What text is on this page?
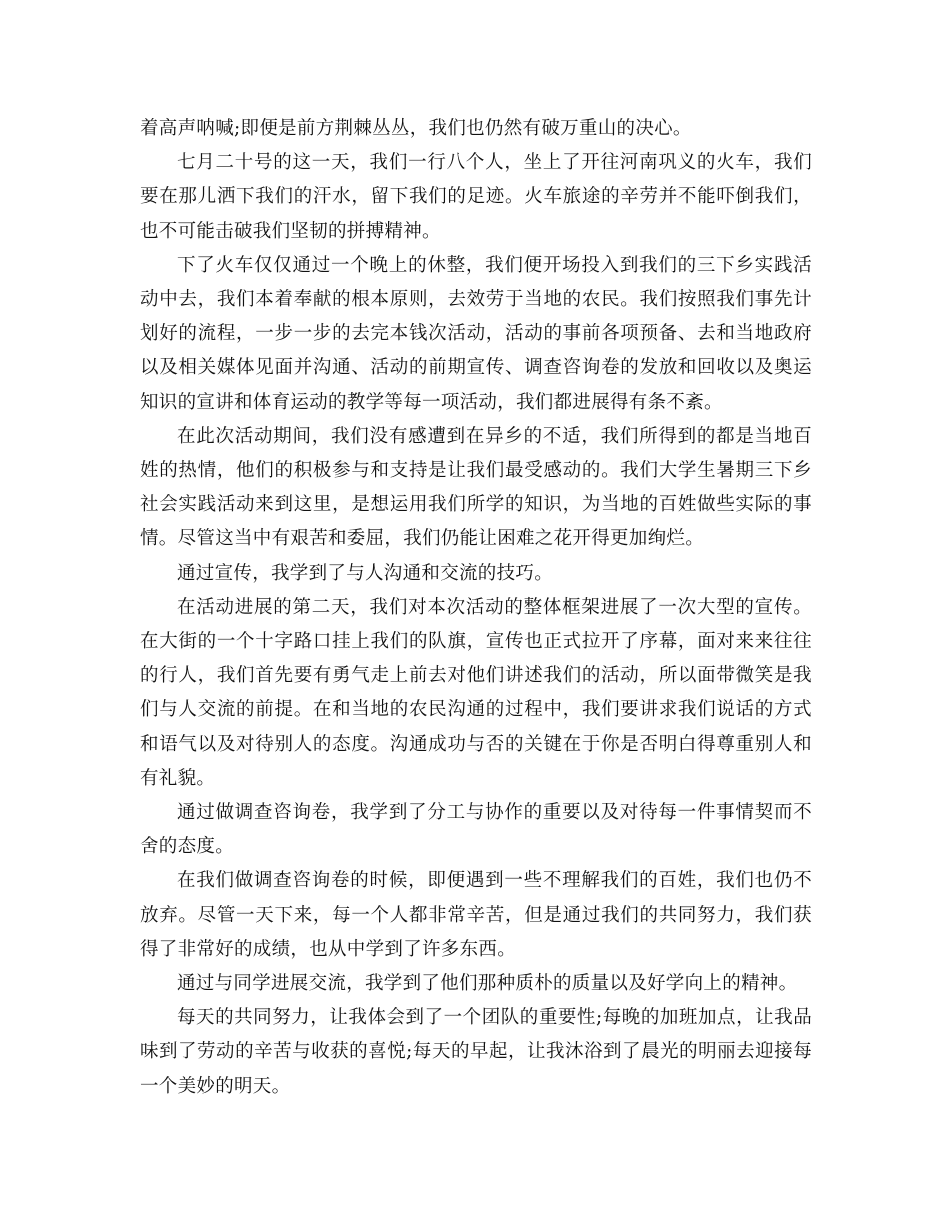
着高声呐喊;即便是前方荆棘丛丛，我们也仍然有破万重山的决心。

七月二十号的这一天，我们一行八个人，坐上了开往河南巩义的火车，我们要在那儿洒下我们的汗水，留下我们的足迹。火车旅途的辛劳并不能吓倒我们，也不可能击破我们坚韧的拼搏精神。

下了火车仅仅通过一个晚上的休整，我们便开场投入到我们的三下乡实践活动中去，我们本着奉献的根本原则，去效劳于当地的农民。我们按照我们事先计划好的流程，一步一步的去完本钱次活动，活动的事前各项预备、去和当地政府以及相关媒体见面并沟通、活动的前期宣传、调查咨询卷的发放和回收以及奥运知识的宣讲和体育运动的教学等每一项活动，我们都进展得有条不紊。

在此次活动期间，我们没有感遭到在异乡的不适，我们所得到的都是当地百姓的热情，他们的积极参与和支持是让我们最受感动的。我们大学生暑期三下乡社会实践活动来到这里，是想运用我们所学的知识，为当地的百姓做些实际的事情。尽管这当中有艰苦和委屈，我们仍能让困难之花开得更加绚烂。

通过宣传，我学到了与人沟通和交流的技巧。

在活动进展的第二天，我们对本次活动的整体框架进展了一次大型的宣传。在大街的一个十字路口挂上我们的队旗，宣传也正式拉开了序幕，面对来来往往的行人，我们首先要有勇气走上前去对他们讲述我们的活动，所以面带微笑是我们与人交流的前提。在和当地的农民沟通的过程中，我们要讲求我们说话的方式和语气以及对待别人的态度。沟通成功与否的关键在于你是否明白得尊重别人和有礼貌。

通过做调查咨询卷，我学到了分工与协作的重要以及对待每一件事情契而不舍的态度。

在我们做调查咨询卷的时候，即便遇到一些不理解我们的百姓，我们也仍不放弃。尽管一天下来，每一个人都非常辛苦，但是通过我们的共同努力，我们获得了非常好的成绩，也从中学到了许多东西。

通过与同学进展交流，我学到了他们那种质朴的质量以及好学向上的精神。

每天的共同努力，让我体会到了一个团队的重要性;每晚的加班加点，让我品味到了劳动的辛苦与收获的喜悦;每天的早起，让我沐浴到了晨光的明丽去迎接每一个美妙的明天。
